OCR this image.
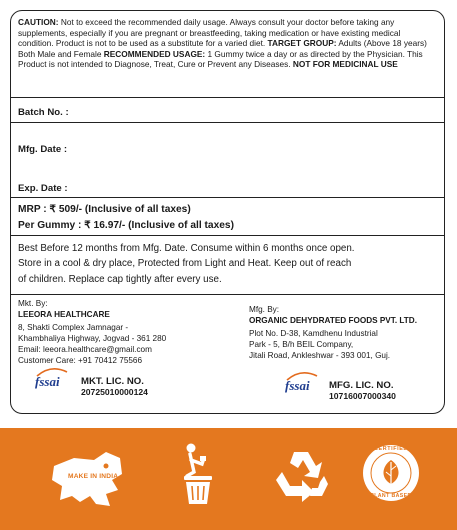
CAUTION: Not to exceed the recommended daily usage. Always consult your doctor before taking any supplements, especially if you are pregnant or breastfeeding, taking medication or have existing medical condition. Product is not to be used as a substitute for a varied diet. TARGET GROUP: Adults (Above 18 years) Both Male and Female RECOMMENDED USAGE: 1 Gummy twice a day or as directed by the Physician. This Product is not intended to Diagnose, Treat, Cure or Prevent any Diseases. NOT FOR MEDICINAL USE
Batch No. :
Mfg. Date :
Exp. Date :
MRP : ₹ 509/- (Inclusive of all taxes)
Per Gummy : ₹ 16.97/- (Inclusive of all taxes)
Best Before 12 months from Mfg. Date. Consume within 6 months once open.
Store in a cool & dry place, Protected from Light and Heat. Keep out of reach
of children. Replace cap tightly after every use.
Mkt. By:
LEEORA HEALTHCARE
8, Shakti Complex Jamnagar -
Khambhaliya Highway, Jogvad - 361 280
Email: leeora.healthcare@gmail.com
Customer Care: +91 70412 75566
Mfg. By:
ORGANIC DEHYDRATED FOODS PVT. LTD.
Plot No. D-38, Kamdhenu Industrial
Park - 5, B/h BEIL Company,
Jitali Road, Ankleshwar - 393 001, Guj.
fssai MKT. LIC. NO.
20725010000124	fssai MFG. LIC. NO.
10716007000340
MAKE IN INDIA
CERTIFIED
PLANT BASED
